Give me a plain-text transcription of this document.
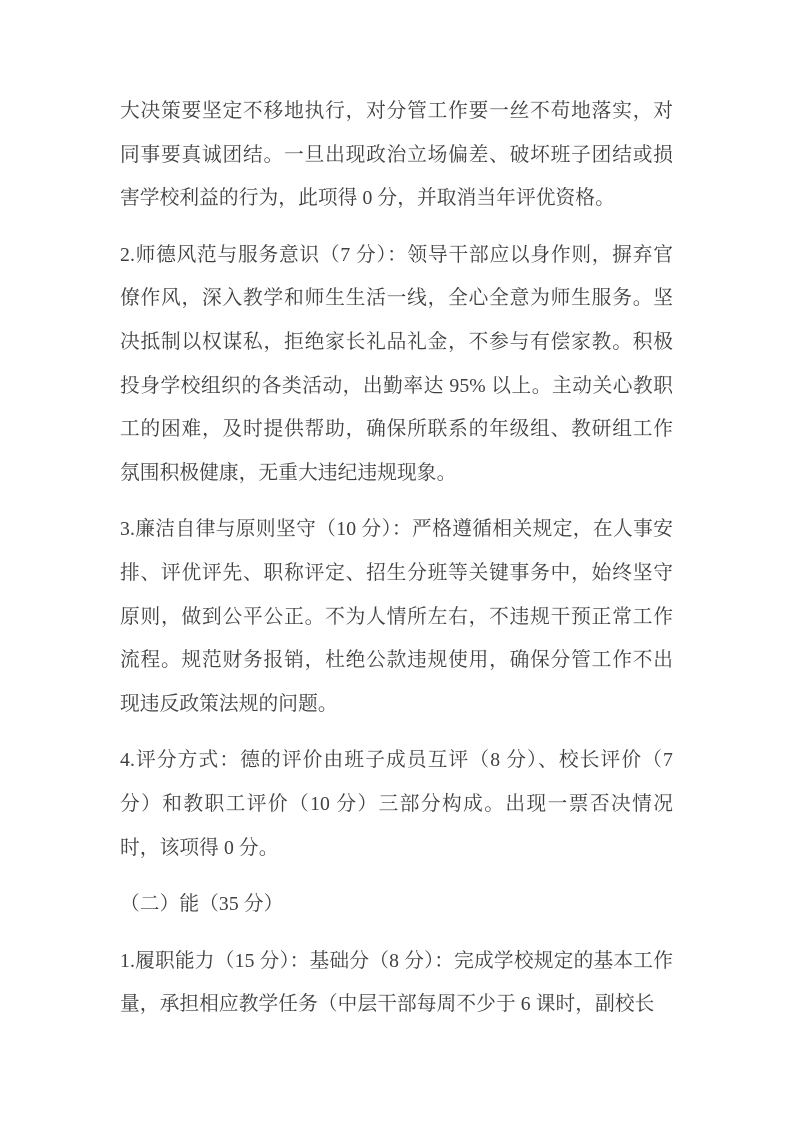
大决策要坚定不移地执行，对分管工作要一丝不苟地落实，对同事要真诚团结。一旦出现政治立场偏差、破坏班子团结或损害学校利益的行为，此项得 0 分，并取消当年评优资格。

2.师德风范与服务意识（7 分）：领导干部应以身作则，摒弃官僚作风，深入教学和师生生活一线，全心全意为师生服务。坚决抵制以权谋私，拒绝家长礼品礼金，不参与有偿家教。积极投身学校组织的各类活动，出勤率达 95% 以上。主动关心教职工的困难，及时提供帮助，确保所联系的年级组、教研组工作氛围积极健康，无重大违纪违规现象。

3.廉洁自律与原则坚守（10 分）：严格遵循相关规定，在人事安排、评优评先、职称评定、招生分班等关键事务中，始终坚守原则，做到公平公正。不为人情所左右，不违规干预正常工作流程。规范财务报销，杜绝公款违规使用，确保分管工作不出现违反政策法规的问题。

4.评分方式：德的评价由班子成员互评（8 分）、校长评价（7 分）和教职工评价（10 分）三部分构成。出现一票否决情况时，该项得 0 分。

（二）能（35 分）

1.履职能力（15 分）：基础分（8 分）：完成学校规定的基本工作量，承担相应教学任务（中层干部每周不少于 6 课时，副校长
